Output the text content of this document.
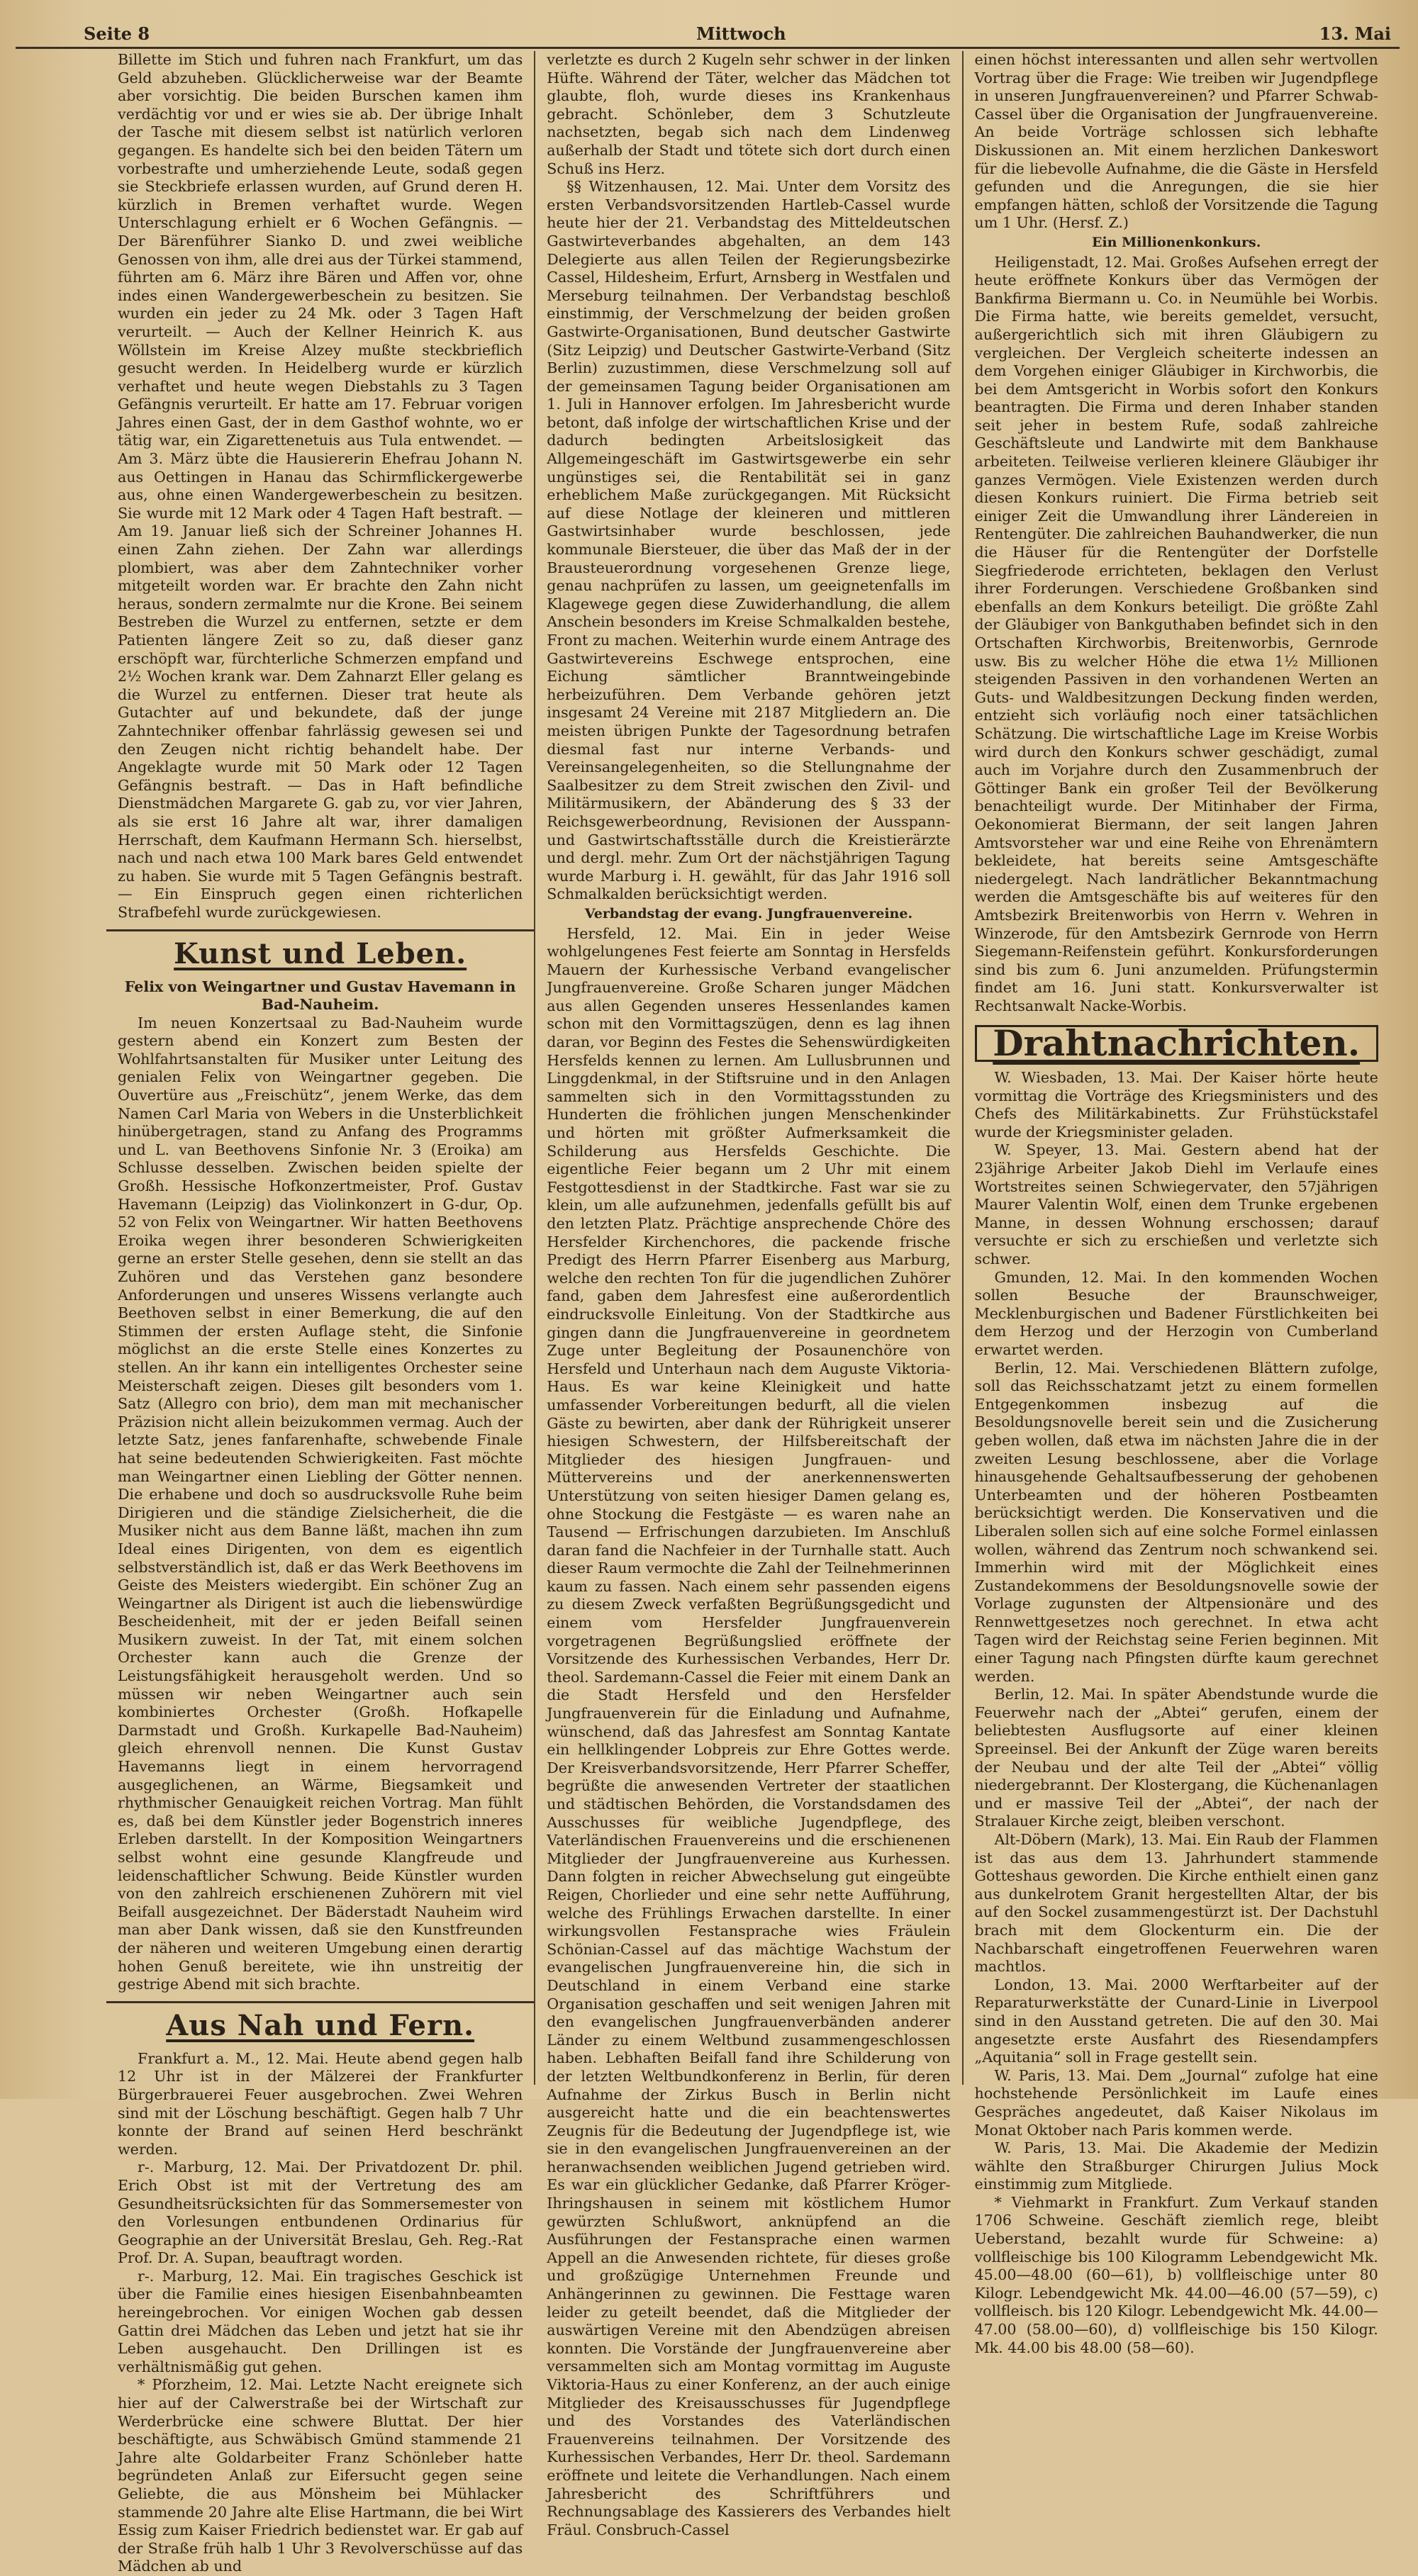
Seite 8	Mittwoch	13. Mai

Billette im Stich und fuhren nach Frankfurt, um das Geld abzuheben. Glücklicherweise war der Beamte aber vorsichtig. Die beiden Burschen kamen ihm verdächtig vor und er wies sie ab. Der übrige Inhalt der Tasche mit diesem selbst ist natürlich verloren gegangen. Es handelte sich bei den beiden Tätern um vorbestrafte und umherziehende Leute, sodaß gegen sie Steckbriefe erlassen wurden, auf Grund deren H. kürzlich in Bremen verhaftet wurde. Wegen Unterschlagung erhielt er 6 Wochen Gefängnis. — Der Bärenführer Sianko D. und zwei weibliche Genossen von ihm, alle drei aus der Türkei stammend, führten am 6. März ihre Bären und Affen vor, ohne indes einen Wandergewerbeschein zu besitzen. Sie wurden ein jeder zu 24 Mk. oder 3 Tagen Haft verurteilt. — Auch der Kellner Heinrich K. aus Wöllstein im Kreise Alzey mußte steckbrieflich gesucht werden. In Heidelberg wurde er kürzlich verhaftet und heute wegen Diebstahls zu 3 Tagen Gefängnis verurteilt. Er hatte am 17. Februar vorigen Jahres einen Gast, der in dem Gasthof wohnte, wo er tätig war, ein Zigarettenetuis aus Tula entwendet. — Am 3. März übte die Hausiererin Ehefrau Johann N. aus Oettingen in Hanau das Schirmflickergewerbe aus, ohne einen Wandergewerbeschein zu besitzen. Sie wurde mit 12 Mark oder 4 Tagen Haft bestraft. — Am 19. Januar ließ sich der Schreiner Johannes H. einen Zahn ziehen. Der Zahn war allerdings plombiert, was aber dem Zahntechniker vorher mitgeteilt worden war. Er brachte den Zahn nicht heraus, sondern zermalmte nur die Krone. Bei seinem Bestreben die Wurzel zu entfernen, setzte er dem Patienten längere Zeit so zu, daß dieser ganz erschöpft war, fürchterliche Schmerzen empfand und 2½ Wochen krank war. Dem Zahnarzt Eller gelang es die Wurzel zu entfernen. Dieser trat heute als Gutachter auf und bekundete, daß der junge Zahntechniker offenbar fahrlässig gewesen sei und den Zeugen nicht richtig behandelt habe. Der Angeklagte wurde mit 50 Mark oder 12 Tagen Gefängnis bestraft. — Das in Haft befindliche Dienstmädchen Margarete G. gab zu, vor vier Jahren, als sie erst 16 Jahre alt war, ihrer damaligen Herrschaft, dem Kaufmann Hermann Sch. hierselbst, nach und nach etwa 100 Mark bares Geld entwendet zu haben. Sie wurde mit 5 Tagen Gefängnis bestraft. — Ein Einspruch gegen einen richterlichen Strafbefehl wurde zurückgewiesen.

Kunst und Leben.

Felix von Weingartner und Gustav Havemann in Bad-Nauheim.

Im neuen Konzertsaal zu Bad-Nauheim wurde gestern abend ein Konzert zum Besten der Wohlfahrtsanstalten für Musiker unter Leitung des genialen Felix von Weingartner gegeben. Die Ouvertüre aus „Freischütz“, jenem Werke, das dem Namen Carl Maria von Webers in die Unsterblichkeit hinübergetragen, stand zu Anfang des Programms und L. van Beethovens Sinfonie Nr. 3 (Eroika) am Schlusse desselben. Zwischen beiden spielte der Großh. Hessische Hofkonzertmeister, Prof. Gustav Havemann (Leipzig) das Violinkonzert in G-dur, Op. 52 von Felix von Weingartner. Wir hatten Beethovens Eroika wegen ihrer besonderen Schwierigkeiten gerne an erster Stelle gesehen, denn sie stellt an das Zuhören und das Verstehen ganz besondere Anforderungen und unseres Wissens verlangte auch Beethoven selbst in einer Bemerkung, die auf den Stimmen der ersten Auflage steht, die Sinfonie möglichst an die erste Stelle eines Konzertes zu stellen. An ihr kann ein intelligentes Orchester seine Meisterschaft zeigen. Dieses gilt besonders vom 1. Satz (Allegro con brio), dem man mit mechanischer Präzision nicht allein beizukommen vermag. Auch der letzte Satz, jenes fanfarenhafte, schwebende Finale hat seine bedeutenden Schwierigkeiten. Fast möchte man Weingartner einen Liebling der Götter nennen. Die erhabene und doch so ausdrucksvolle Ruhe beim Dirigieren und die ständige Zielsicherheit, die die Musiker nicht aus dem Banne läßt, machen ihn zum Ideal eines Dirigenten, von dem es eigentlich selbstverständlich ist, daß er das Werk Beethovens im Geiste des Meisters wiedergibt. Ein schöner Zug an Weingartner als Dirigent ist auch die liebenswürdige Bescheidenheit, mit der er jeden Beifall seinen Musikern zuweist. In der Tat, mit einem solchen Orchester kann auch die Grenze der Leistungsfähigkeit herausgeholt werden. Und so müssen wir neben Weingartner auch sein kombiniertes Orchester (Großh. Hofkapelle Darmstadt und Großh. Kurkapelle Bad-Nauheim) gleich ehrenvoll nennen. Die Kunst Gustav Havemanns liegt in einem hervorragend ausgeglichenen, an Wärme, Biegsamkeit und rhythmischer Genauigkeit reichen Vortrag. Man fühlt es, daß bei dem Künstler jeder Bogenstrich inneres Erleben darstellt. In der Komposition Weingartners selbst wohnt eine gesunde Klangfreude und leidenschaftlicher Schwung. Beide Künstler wurden von den zahlreich erschienenen Zuhörern mit viel Beifall ausgezeichnet. Der Bäderstadt Nauheim wird man aber Dank wissen, daß sie den Kunstfreunden der näheren und weiteren Umgebung einen derartig hohen Genuß bereitete, wie ihn unstreitig der gestrige Abend mit sich brachte.

Aus Nah und Fern.

Frankfurt a. M., 12. Mai. Heute abend gegen halb 12 Uhr ist in der Mälzerei der Frankfurter Bürgerbrauerei Feuer ausgebrochen. Zwei Wehren sind mit der Löschung beschäftigt. Gegen halb 7 Uhr konnte der Brand auf seinen Herd beschränkt werden.

r-. Marburg, 12. Mai. Der Privatdozent Dr. phil. Erich Obst ist mit der Vertretung des am Gesundheitsrücksichten für das Sommersemester von den Vorlesungen entbundenen Ordinarius für Geographie an der Universität Breslau, Geh. Reg.-Rat Prof. Dr. A. Supan, beauftragt worden.

r-. Marburg, 12. Mai. Ein tragisches Geschick ist über die Familie eines hiesigen Eisenbahnbeamten hereingebrochen. Vor einigen Wochen gab dessen Gattin drei Mädchen das Leben und jetzt hat sie ihr Leben ausgehaucht. Den Drillingen ist es verhältnismäßig gut gehen.

* Pforzheim, 12. Mai. Letzte Nacht ereignete sich hier auf der Calwerstraße bei der Wirtschaft zur Werderbrücke eine schwere Bluttat. Der hier beschäftigte, aus Schwäbisch Gmünd stammende 21 Jahre alte Goldarbeiter Franz Schönleber hatte begründeten Anlaß zur Eifersucht gegen seine Geliebte, die aus Mönsheim bei Mühlacker stammende 20 Jahre alte Elise Hartmann, die bei Wirt Essig zum Kaiser Friedrich bedienstet war. Er gab auf der Straße früh halb 1 Uhr 3 Revolverschüsse auf das Mädchen ab und

verletzte es durch 2 Kugeln sehr schwer in der linken Hüfte. Während der Täter, welcher das Mädchen tot glaubte, floh, wurde dieses ins Krankenhaus gebracht. Schönleber, dem 3 Schutzleute nachsetzten, begab sich nach dem Lindenweg außerhalb der Stadt und tötete sich dort durch einen Schuß ins Herz.

§§ Witzenhausen, 12. Mai. Unter dem Vorsitz des ersten Verbandsvorsitzenden Hartleb-Cassel wurde heute hier der 21. Verbandstag des Mitteldeutschen Gastwirteverbandes abgehalten, an dem 143 Delegierte aus allen Teilen der Regierungsbezirke Cassel, Hildesheim, Erfurt, Arnsberg in Westfalen und Merseburg teilnahmen. Der Verbandstag beschloß einstimmig, der Verschmelzung der beiden großen Gastwirte-Organisationen, Bund deutscher Gastwirte (Sitz Leipzig) und Deutscher Gastwirte-Verband (Sitz Berlin) zuzustimmen, diese Verschmelzung soll auf der gemeinsamen Tagung beider Organisationen am 1. Juli in Hannover erfolgen. Im Jahresbericht wurde betont, daß infolge der wirtschaftlichen Krise und der dadurch bedingten Arbeitslosigkeit das Allgemeingeschäft im Gastwirtsgewerbe ein sehr ungünstiges sei, die Rentabilität sei in ganz erheblichem Maße zurückgegangen. Mit Rücksicht auf diese Notlage der kleineren und mittleren Gastwirtsinhaber wurde beschlossen, jede kommunale Biersteuer, die über das Maß der in der Brausteuerordnung vorgesehenen Grenze liege, genau nachprüfen zu lassen, um geeignetenfalls im Klagewege gegen diese Zuwiderhandlung, die allem Anschein besonders im Kreise Schmalkalden bestehe, Front zu machen. Weiterhin wurde einem Antrage des Gastwirtevereins Eschwege entsprochen, eine Eichung sämtlicher Branntweingebinde herbeizuführen. Dem Verbande gehören jetzt insgesamt 24 Vereine mit 2187 Mitgliedern an. Die meisten übrigen Punkte der Tagesordnung betrafen diesmal fast nur interne Verbands- und Vereinsangelegenheiten, so die Stellungnahme der Saalbesitzer zu dem Streit zwischen den Zivil- und Militärmusikern, der Abänderung des § 33 der Reichsgewerbeordnung, Revisionen der Ausspann- und Gastwirtschaftsställe durch die Kreistierärzte und dergl. mehr. Zum Ort der nächstjährigen Tagung wurde Marburg i. H. gewählt, für das Jahr 1916 soll Schmalkalden berücksichtigt werden.

Verbandstag der evang. Jungfrauenvereine.

Hersfeld, 12. Mai. Ein in jeder Weise wohlgelungenes Fest feierte am Sonntag in Hersfelds Mauern der Kurhessische Verband evangelischer Jungfrauenvereine. Große Scharen junger Mädchen aus allen Gegenden unseres Hessenlandes kamen schon mit den Vormittagszügen, denn es lag ihnen daran, vor Beginn des Festes die Sehenswürdigkeiten Hersfelds kennen zu lernen. Am Lullusbrunnen und Linggdenkmal, in der Stiftsruine und in den Anlagen sammelten sich in den Vormittagsstunden zu Hunderten die fröhlichen jungen Menschenkinder und hörten mit größter Aufmerksamkeit die Schilderung aus Hersfelds Geschichte. Die eigentliche Feier begann um 2 Uhr mit einem Festgottesdienst in der Stadtkirche. Fast war sie zu klein, um alle aufzunehmen, jedenfalls gefüllt bis auf den letzten Platz. Prächtige ansprechende Chöre des Hersfelder Kirchenchores, die packende frische Predigt des Herrn Pfarrer Eisenberg aus Marburg, welche den rechten Ton für die jugendlichen Zuhörer fand, gaben dem Jahresfest eine außerordentlich eindrucksvolle Einleitung. Von der Stadtkirche aus gingen dann die Jungfrauenvereine in geordnetem Zuge unter Begleitung der Posaunenchöre von Hersfeld und Unterhaun nach dem Auguste Viktoria-Haus. Es war keine Kleinigkeit und hatte umfassender Vorbereitungen bedurft, all die vielen Gäste zu bewirten, aber dank der Rührigkeit unserer hiesigen Schwestern, der Hilfsbereitschaft der Mitglieder des hiesigen Jungfrauen- und Müttervereins und der anerkennenswerten Unterstützung von seiten hiesiger Damen gelang es, ohne Stockung die Festgäste — es waren nahe an Tausend — Erfrischungen darzubieten. Im Anschluß daran fand die Nachfeier in der Turnhalle statt. Auch dieser Raum vermochte die Zahl der Teilnehmerinnen kaum zu fassen. Nach einem sehr passenden eigens zu diesem Zweck verfaßten Begrüßungsgedicht und einem vom Hersfelder Jungfrauenverein vorgetragenen Begrüßungslied eröffnete der Vorsitzende des Kurhessischen Verbandes, Herr Dr. theol. Sardemann-Cassel die Feier mit einem Dank an die Stadt Hersfeld und den Hersfelder Jungfrauenverein für die Einladung und Aufnahme, wünschend, daß das Jahresfest am Sonntag Kantate ein hellklingender Lobpreis zur Ehre Gottes werde. Der Kreisverbandsvorsitzende, Herr Pfarrer Scheffer, begrüßte die anwesenden Vertreter der staatlichen und städtischen Behörden, die Vorstandsdamen des Ausschusses für weibliche Jugendpflege, des Vaterländischen Frauenvereins und die erschienenen Mitglieder der Jungfrauenvereine aus Kurhessen. Dann folgten in reicher Abwechselung gut eingeübte Reigen, Chorlieder und eine sehr nette Aufführung, welche des Frühlings Erwachen darstellte. In einer wirkungsvollen Festansprache wies Fräulein Schönian-Cassel auf das mächtige Wachstum der evangelischen Jungfrauenvereine hin, die sich in Deutschland in einem Verband eine starke Organisation geschaffen und seit wenigen Jahren mit den evangelischen Jungfrauenverbänden anderer Länder zu einem Weltbund zusammengeschlossen haben. Lebhaften Beifall fand ihre Schilderung von der letzten Weltbundkonferenz in Berlin, für deren Aufnahme der Zirkus Busch in Berlin nicht ausgereicht hatte und die ein beachtenswertes Zeugnis für die Bedeutung der Jugendpflege ist, wie sie in den evangelischen Jungfrauenvereinen an der heranwachsenden weiblichen Jugend getrieben wird. Es war ein glücklicher Gedanke, daß Pfarrer Kröger-Ihringshausen in seinem mit köstlichem Humor gewürzten Schlußwort, anknüpfend an die Ausführungen der Festansprache einen warmen Appell an die Anwesenden richtete, für dieses große und großzügige Unternehmen Freunde und Anhängerinnen zu gewinnen. Die Festtage waren leider zu geteilt beendet, daß die Mitglieder der auswärtigen Vereine mit den Abendzügen abreisen konnten. Die Vorstände der Jungfrauenvereine aber versammelten sich am Montag vormittag im Auguste Viktoria-Haus zu einer Konferenz, an der auch einige Mitglieder des Kreisausschusses für Jugendpflege und des Vorstandes des Vaterländischen Frauenvereins teilnahmen. Der Vorsitzende des Kurhessischen Verbandes, Herr Dr. theol. Sardemann eröffnete und leitete die Verhandlungen. Nach einem Jahresbericht des Schriftführers und Rechnungsablage des Kassierers des Verbandes hielt Fräul. Consbruch-Cassel

einen höchst interessanten und allen sehr wertvollen Vortrag über die Frage: Wie treiben wir Jugendpflege in unseren Jungfrauenvereinen? und Pfarrer Schwab-Cassel über die Organisation der Jungfrauenvereine. An beide Vorträge schlossen sich lebhafte Diskussionen an. Mit einem herzlichen Dankeswort für die liebevolle Aufnahme, die die Gäste in Hersfeld gefunden und die Anregungen, die sie hier empfangen hätten, schloß der Vorsitzende die Tagung um 1 Uhr. (Hersf. Z.)

Ein Millionenkonkurs.

Heiligenstadt, 12. Mai. Großes Aufsehen erregt der heute eröffnete Konkurs über das Vermögen der Bankfirma Biermann u. Co. in Neumühle bei Worbis. Die Firma hatte, wie bereits gemeldet, versucht, außergerichtlich sich mit ihren Gläubigern zu vergleichen. Der Vergleich scheiterte indessen an dem Vorgehen einiger Gläubiger in Kirchworbis, die bei dem Amtsgericht in Worbis sofort den Konkurs beantragten. Die Firma und deren Inhaber standen seit jeher in bestem Rufe, sodaß zahlreiche Geschäftsleute und Landwirte mit dem Bankhause arbeiteten. Teilweise verlieren kleinere Gläubiger ihr ganzes Vermögen. Viele Existenzen werden durch diesen Konkurs ruiniert. Die Firma betrieb seit einiger Zeit die Umwandlung ihrer Ländereien in Rentengüter. Die zahlreichen Bauhandwerker, die nun die Häuser für die Rentengüter der Dorfstelle Siegfriederode errichteten, beklagen den Verlust ihrer Forderungen. Verschiedene Großbanken sind ebenfalls an dem Konkurs beteiligt. Die größte Zahl der Gläubiger von Bankguthaben befindet sich in den Ortschaften Kirchworbis, Breitenworbis, Gernrode usw. Bis zu welcher Höhe die etwa 1½ Millionen steigenden Passiven in den vorhandenen Werten an Guts- und Waldbesitzungen Deckung finden werden, entzieht sich vorläufig noch einer tatsächlichen Schätzung. Die wirtschaftliche Lage im Kreise Worbis wird durch den Konkurs schwer geschädigt, zumal auch im Vorjahre durch den Zusammenbruch der Göttinger Bank ein großer Teil der Bevölkerung benachteiligt wurde. Der Mitinhaber der Firma, Oekonomierat Biermann, der seit langen Jahren Amtsvorsteher war und eine Reihe von Ehrenämtern bekleidete, hat bereits seine Amtsgeschäfte niedergelegt. Nach landrätlicher Bekanntmachung werden die Amtsgeschäfte bis auf weiteres für den Amtsbezirk Breitenworbis von Herrn v. Wehren in Winzerode, für den Amtsbezirk Gernrode von Herrn Siegemann-Reifenstein geführt. Konkursforderungen sind bis zum 6. Juni anzumelden. Prüfungstermin findet am 16. Juni statt. Konkursverwalter ist Rechtsanwalt Nacke-Worbis.

Drahtnachrichten.

W. Wiesbaden, 13. Mai. Der Kaiser hörte heute vormittag die Vorträge des Kriegsministers und des Chefs des Militärkabinetts. Zur Frühstückstafel wurde der Kriegsminister geladen.

W. Speyer, 13. Mai. Gestern abend hat der 23jährige Arbeiter Jakob Diehl im Verlaufe eines Wortstreites seinen Schwiegervater, den 57jährigen Maurer Valentin Wolf, einen dem Trunke ergebenen Manne, in dessen Wohnung erschossen; darauf versuchte er sich zu erschießen und verletzte sich schwer.

Gmunden, 12. Mai. In den kommenden Wochen sollen Besuche der Braunschweiger, Mecklenburgischen und Badener Fürstlichkeiten bei dem Herzog und der Herzogin von Cumberland erwartet werden.

Berlin, 12. Mai. Verschiedenen Blättern zufolge, soll das Reichsschatzamt jetzt zu einem formellen Entgegenkommen insbezug auf die Besoldungsnovelle bereit sein und die Zusicherung geben wollen, daß etwa im nächsten Jahre die in der zweiten Lesung beschlossene, aber die Vorlage hinausgehende Gehaltsaufbesserung der gehobenen Unterbeamten und der höheren Postbeamten berücksichtigt werden. Die Konservativen und die Liberalen sollen sich auf eine solche Formel einlassen wollen, während das Zentrum noch schwankend sei. Immerhin wird mit der Möglichkeit eines Zustandekommens der Besoldungsnovelle sowie der Vorlage zugunsten der Altpensionäre und des Rennwettgesetzes noch gerechnet. In etwa acht Tagen wird der Reichstag seine Ferien beginnen. Mit einer Tagung nach Pfingsten dürfte kaum gerechnet werden.

Berlin, 12. Mai. In später Abendstunde wurde die Feuerwehr nach der „Abtei“ gerufen, einem der beliebtesten Ausflugsorte auf einer kleinen Spreeinsel. Bei der Ankunft der Züge waren bereits der Neubau und der alte Teil der „Abtei“ völlig niedergebrannt. Der Klostergang, die Küchenanlagen und er massive Teil der „Abtei“, der nach der Stralauer Kirche zeigt, bleiben verschont.

Alt-Döbern (Mark), 13. Mai. Ein Raub der Flammen ist das aus dem 13. Jahrhundert stammende Gotteshaus geworden. Die Kirche enthielt einen ganz aus dunkelrotem Granit hergestellten Altar, der bis auf den Sockel zusammengestürzt ist. Der Dachstuhl brach mit dem Glockenturm ein. Die der Nachbarschaft eingetroffenen Feuerwehren waren machtlos.

London, 13. Mai. 2000 Werftarbeiter auf der Reparaturwerkstätte der Cunard-Linie in Liverpool sind in den Ausstand getreten. Die auf den 30. Mai angesetzte erste Ausfahrt des Riesendampfers „Aquitania“ soll in Frage gestellt sein.

W. Paris, 13. Mai. Dem „Journal“ zufolge hat eine hochstehende Persönlichkeit im Laufe eines Gespräches angedeutet, daß Kaiser Nikolaus im Monat Oktober nach Paris kommen werde.

W. Paris, 13. Mai. Die Akademie der Medizin wählte den Straßburger Chirurgen Julius Mock einstimmig zum Mitgliede.

* Viehmarkt in Frankfurt. Zum Verkauf standen 1706 Schweine. Geschäft ziemlich rege, bleibt Ueberstand, bezahlt wurde für Schweine: a) vollfleischige bis 100 Kilogramm Lebendgewicht Mk. 45.00—48.00 (60—61), b) vollfleischige unter 80 Kilogr. Lebendgewicht Mk. 44.00—46.00 (57—59), c) vollfleisch. bis 120 Kilogr. Lebendgewicht Mk. 44.00—47.00 (58.00—60), d) vollfleischige bis 150 Kilogr. Mk. 44.00 bis 48.00 (58—60).
